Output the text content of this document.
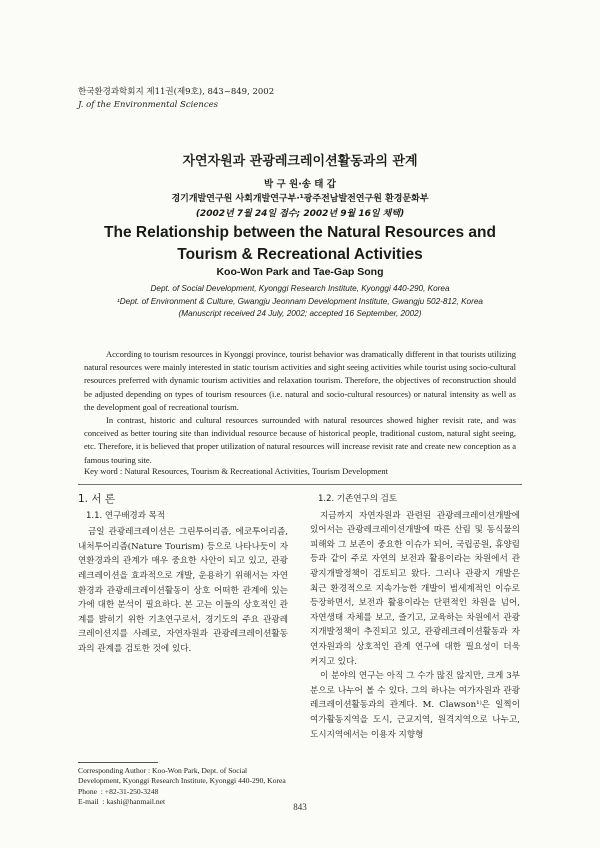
한국환경과학회지 제11권(제9호), 843~849, 2002
J. of the Environmental Sciences
자연자원과 관광레크레이션활동과의 관계
박 구 원·송 태 갑
경기개발연구원 사회개발연구부·¹광주전남발전연구원 환경문화부
(2002년 7월 24일 접수; 2002년 9월 16일 채택)
The Relationship between the Natural Resources and
Tourism & Recreational Activities
Koo-Won Park and Tae-Gap Song
Dept. of Social Development, Kyonggi Research Institute, Kyonggi 440-290, Korea
¹Dept. of Environment & Culture, Gwangju Jeonnam Development Institute, Gwangju 502-812, Korea
(Manuscript received 24 July, 2002; accepted 16 September, 2002)

According to tourism resources in Kyonggi province, tourist behavior was dramatically different in that tourists utilizing natural resources were mainly interested in static tourism activities and sight seeing activities while tourist using socio-cultural resources preferred with dynamic tourism activities and relaxation tourism. Therefore, the objectives of reconstruction should be adjusted depending on types of tourism resources (i.e. natural and socio-cultural resources) or natural intensity as well as the development goal of recreational tourism.

In contrast, historic and cultural resources surrounded with natural resources showed higher revisit rate, and was conceived as better touring site than individual resource because of historical people, traditional custom, natural sight seeing, etc. Therefore, it is believed that proper utilization of natural resources will increase revisit rate and create new conception as a famous touring site.

Key word : Natural Resources, Tourism & Recreational Activities, Tourism Development
1. 서 론
1.1. 연구배경과 목적

금일 관광레크레이션은 그린투어리즘, 에코투어리즘, 내처투어리즘(Nature Tourism) 등으로 나타나듯이 자연환경과의 관계가 매우 중요한 사안이 되고 있고, 관광레크레이션을 효과적으로 개발, 운용하기 위해서는 자연환경과 관광레크레이션활동이 상호 어떠한 관계에 있는가에 대한 분석이 필요하다. 본 고는 이들의 상호적인 관계를 밝히기 위한 기초연구로서, 경기도의 주요 관광레크레이션지를 사례로, 자연자원과 관광레크레이션활동과의 관계를 검토한 것에 있다.

1.2. 기존연구의 검토

지금까지 자연자원과 관련된 관광레크레이션개발에 있어서는 관광레크레이션개발에 따른 산림 및 동식물의 피해와 그 보존이 중요한 이슈가 되어, 국립공원, 휴양림 등과 같이 주로 자연의 보전과 활용이라는 차원에서 관광지개발정책이 검토되고 왔다. 그러나 관광지 개발은 최근 환경적으로 지속가능한 개발이 범세계적인 이슈로 등장하면서, 보전과 활용이라는 단편적인 차원을 넘어, 자연생태 자체를 보고, 즐기고, 교육하는 차원에서 관광지개발정책이 추진되고 있고, 관광레크레이션활동과 자연자원과의 상호적인 관계 연구에 대한 필요성이 더욱 커지고 있다.

이 분야의 연구는 아직 그 수가 많진 않지만, 크게 3부분으로 나누어 볼 수 있다. 그의 하나는 여가자원과 관광레크레이션활동과의 관계다. M. Clawson¹⁾은 일찍이 여가활동지역을 도시, 근교지역, 원격지역으로 나누고, 도시지역에서는 이용자 지향형

Corresponding Author : Koo-Won Park, Dept. of Social Development, Kyonggi Research Institute, Kyonggi 440-290, Korea
Phone  : +82-31-250-3248
E-mail  : kashi@hanmail.net
843
